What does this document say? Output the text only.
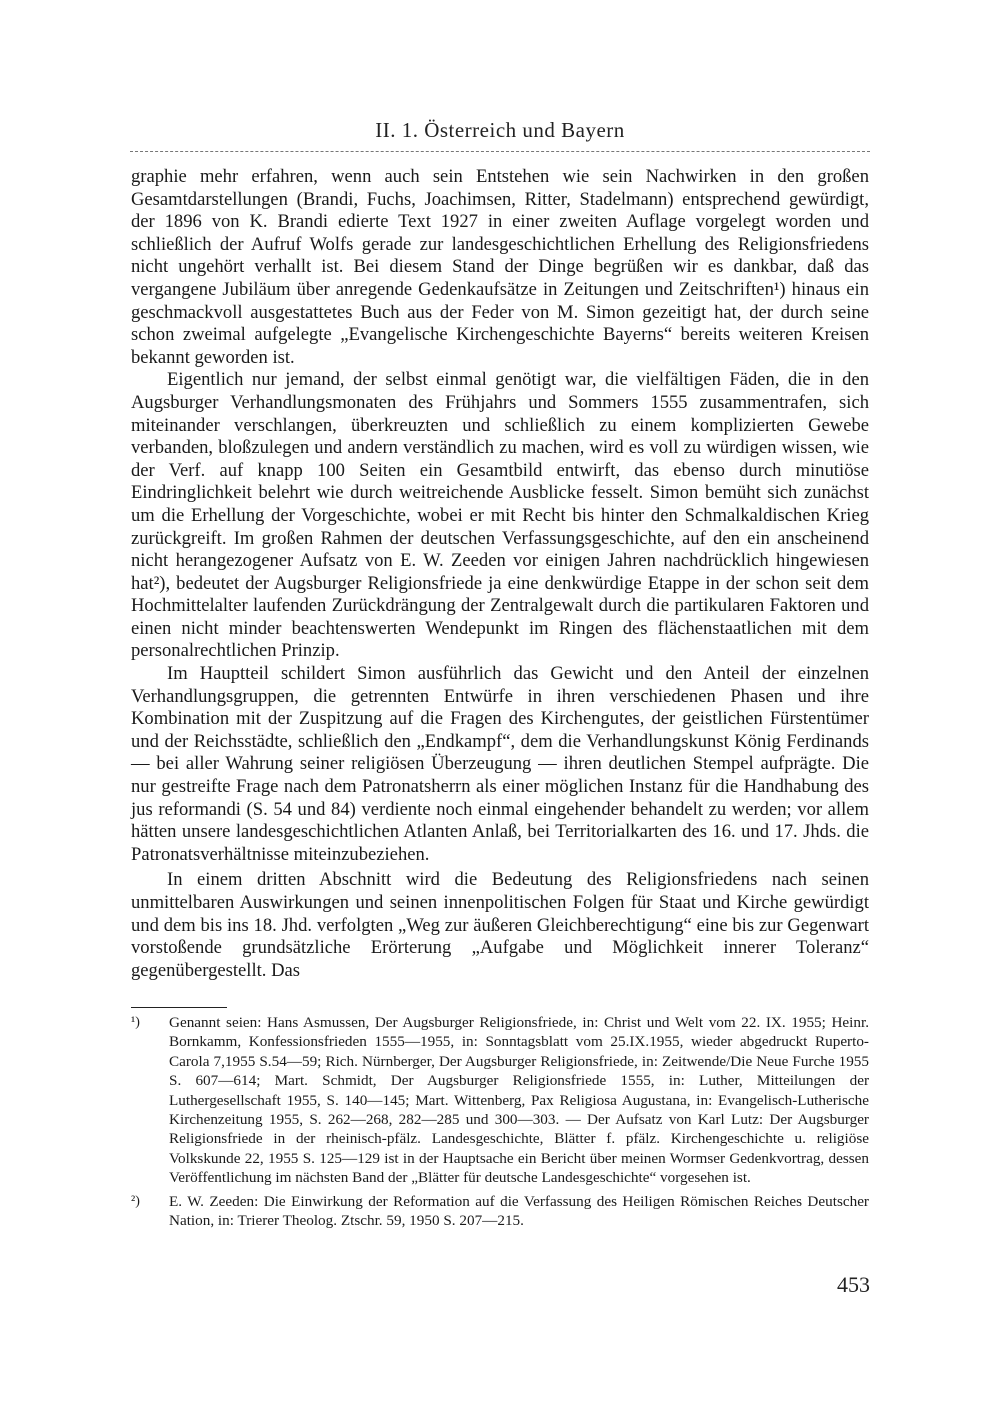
II. 1. Österreich und Bayern

graphie mehr erfahren, wenn auch sein Entstehen wie sein Nachwirken in den großen Gesamtdarstellungen (Brandi, Fuchs, Joachimsen, Ritter, Stadelmann) entsprechend gewürdigt, der 1896 von K. Brandi edierte Text 1927 in einer zweiten Auflage vorgelegt worden und schließlich der Aufruf Wolfs gerade zur landesgeschichtlichen Erhellung des Religionsfriedens nicht ungehört verhallt ist. Bei diesem Stand der Dinge begrüßen wir es dankbar, daß das vergangene Jubiläum über anregende Gedenkaufsätze in Zeitungen und Zeitschriften¹) hinaus ein geschmackvoll ausgestattetes Buch aus der Feder von M. Simon gezeitigt hat, der durch seine schon zweimal aufgelegte „Evangelische Kirchengeschichte Bayerns“ bereits weiteren Kreisen bekannt geworden ist.

Eigentlich nur jemand, der selbst einmal genötigt war, die vielfältigen Fäden, die in den Augsburger Verhandlungsmonaten des Frühjahrs und Sommers 1555 zusammentrafen, sich miteinander verschlangen, überkreuzten und schließlich zu einem komplizierten Gewebe verbanden, bloßzulegen und andern verständlich zu machen, wird es voll zu würdigen wissen, wie der Verf. auf knapp 100 Seiten ein Gesamtbild entwirft, das ebenso durch minutiöse Eindringlichkeit belehrt wie durch weitreichende Ausblicke fesselt. Simon bemüht sich zunächst um die Erhellung der Vorgeschichte, wobei er mit Recht bis hinter den Schmalkaldischen Krieg zurückgreift. Im großen Rahmen der deutschen Verfassungsgeschichte, auf den ein anscheinend nicht herangezogener Aufsatz von E. W. Zeeden vor einigen Jahren nachdrücklich hingewiesen hat²), bedeutet der Augsburger Religionsfriede ja eine denkwürdige Etappe in der schon seit dem Hochmittelalter laufenden Zurückdrängung der Zentralgewalt durch die partikularen Faktoren und einen nicht minder beachtenswerten Wendepunkt im Ringen des flächenstaatlichen mit dem personalrechtlichen Prinzip.

Im Hauptteil schildert Simon ausführlich das Gewicht und den Anteil der einzelnen Verhandlungsgruppen, die getrennten Entwürfe in ihren verschiedenen Phasen und ihre Kombination mit der Zuspitzung auf die Fragen des Kirchengutes, der geistlichen Fürstentümer und der Reichsstädte, schließlich den „Endkampf“, dem die Verhandlungskunst König Ferdinands — bei aller Wahrung seiner religiösen Überzeugung — ihren deutlichen Stempel aufprägte. Die nur gestreifte Frage nach dem Patronatsherrn als einer möglichen Instanz für die Handhabung des jus reformandi (S. 54 und 84) verdiente noch einmal eingehender behandelt zu werden; vor allem hätten unsere landesgeschichtlichen Atlanten Anlaß, bei Territorialkarten des 16. und 17. Jhds. die Patronatsverhältnisse miteinzubeziehen.

In einem dritten Abschnitt wird die Bedeutung des Religionsfriedens nach seinen unmittelbaren Auswirkungen und seinen innenpolitischen Folgen für Staat und Kirche gewürdigt und dem bis ins 18. Jhd. verfolgten „Weg zur äußeren Gleichberechtigung“ eine bis zur Gegenwart vorstoßende grundsätzliche Erörterung „Aufgabe und Möglichkeit innerer Toleranz“ gegenübergestellt. Das

¹) Genannt seien: Hans Asmussen, Der Augsburger Religionsfriede, in: Christ und Welt vom 22. IX. 1955; Heinr. Bornkamm, Konfessionsfrieden 1555—1955, in: Sonntagsblatt vom 25.IX.1955, wieder abgedruckt Ruperto-Carola 7,1955 S.54—59; Rich. Nürnberger, Der Augsburger Religionsfriede, in: Zeitwende/Die Neue Furche 1955 S. 607—614; Mart. Schmidt, Der Augsburger Religionsfriede 1555, in: Luther, Mitteilungen der Luthergesellschaft 1955, S. 140—145; Mart. Wittenberg, Pax Religiosa Augustana, in: Evangelisch-Lutherische Kirchenzeitung 1955, S. 262—268, 282—285 und 300—303. — Der Aufsatz von Karl Lutz: Der Augsburger Religionsfriede in der rheinisch-pfälz. Landesgeschichte, Blätter f. pfälz. Kirchengeschichte u. religiöse Volkskunde 22, 1955 S. 125—129 ist in der Hauptsache ein Bericht über meinen Wormser Gedenkvortrag, dessen Veröffentlichung im nächsten Band der „Blätter für deutsche Landesgeschichte“ vorgesehen ist.
²) E. W. Zeeden: Die Einwirkung der Reformation auf die Verfassung des Heiligen Römischen Reiches Deutscher Nation, in: Trierer Theolog. Ztschr. 59, 1950 S. 207—215.
453
